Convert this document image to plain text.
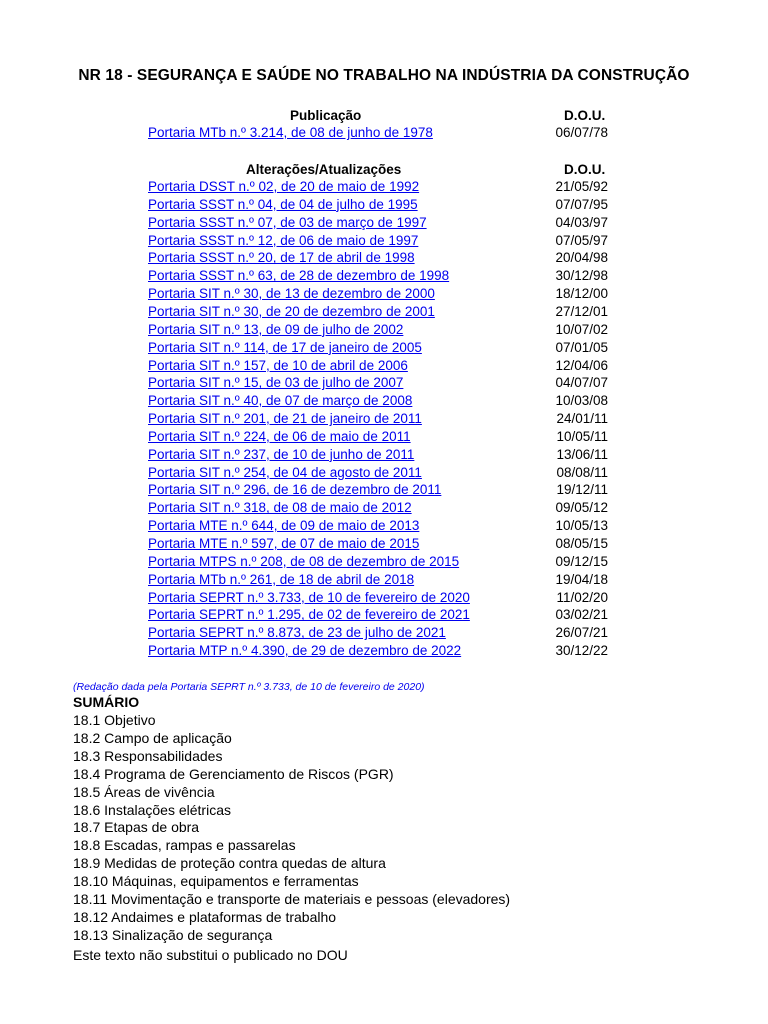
NR 18 - SEGURANÇA E SAÚDE NO TRABALHO NA INDÚSTRIA DA CONSTRUÇÃO
Publicação	D.O.U.
Portaria MTb n.º 3.214, de 08 de junho de 1978	06/07/78
Alterações/Atualizações	D.O.U.
Portaria DSST n.º 02, de 20 de maio de 1992	21/05/92
Portaria SSST n.º 04, de 04 de julho de 1995	07/07/95
Portaria SSST n.º 07, de 03 de março de 1997	04/03/97
Portaria SSST n.º 12, de 06 de maio de 1997	07/05/97
Portaria SSST n.º 20, de 17 de abril de 1998	20/04/98
Portaria SSST n.º 63, de 28 de dezembro de 1998	30/12/98
Portaria SIT n.º 30, de 13 de dezembro de 2000	18/12/00
Portaria SIT n.º 30, de 20 de dezembro de 2001	27/12/01
Portaria SIT n.º 13, de 09 de julho de 2002	10/07/02
Portaria SIT n.º 114, de 17 de janeiro de 2005	07/01/05
Portaria SIT n.º 157, de 10 de abril de 2006	12/04/06
Portaria SIT n.º 15, de 03 de julho de 2007	04/07/07
Portaria SIT n.º 40, de 07 de março de 2008	10/03/08
Portaria SIT n.º 201, de 21 de janeiro de 2011	24/01/11
Portaria SIT n.º 224, de 06 de maio de 2011	10/05/11
Portaria SIT n.º 237, de 10 de junho de 2011	13/06/11
Portaria SIT n.º 254, de 04 de agosto de 2011	08/08/11
Portaria SIT n.º 296, de 16 de dezembro de 2011	19/12/11
Portaria SIT n.º 318, de 08 de maio de 2012	09/05/12
Portaria MTE n.º 644, de 09 de maio de 2013	10/05/13
Portaria MTE n.º 597, de 07 de maio de 2015	08/05/15
Portaria MTPS n.º 208, de 08 de dezembro de 2015	09/12/15
Portaria MTb n.º 261, de 18 de abril de 2018	19/04/18
Portaria SEPRT n.º 3.733, de 10 de fevereiro de 2020	11/02/20
Portaria SEPRT n.º 1.295, de 02 de fevereiro de 2021	03/02/21
Portaria SEPRT n.º 8.873, de 23 de julho de 2021	26/07/21
Portaria MTP n.º 4.390, de 29 de dezembro de 2022	30/12/22
(Redação dada pela Portaria SEPRT n.º 3.733, de 10 de fevereiro de 2020)
SUMÁRIO
18.1 Objetivo
18.2 Campo de aplicação
18.3 Responsabilidades
18.4 Programa de Gerenciamento de Riscos (PGR)
18.5 Áreas de vivência
18.6 Instalações elétricas
18.7 Etapas de obra
18.8 Escadas, rampas e passarelas
18.9 Medidas de proteção contra quedas de altura
18.10 Máquinas, equipamentos e ferramentas
18.11 Movimentação e transporte de materiais e pessoas (elevadores)
18.12 Andaimes e plataformas de trabalho
18.13 Sinalização de segurança
Este texto não substitui o publicado no DOU
